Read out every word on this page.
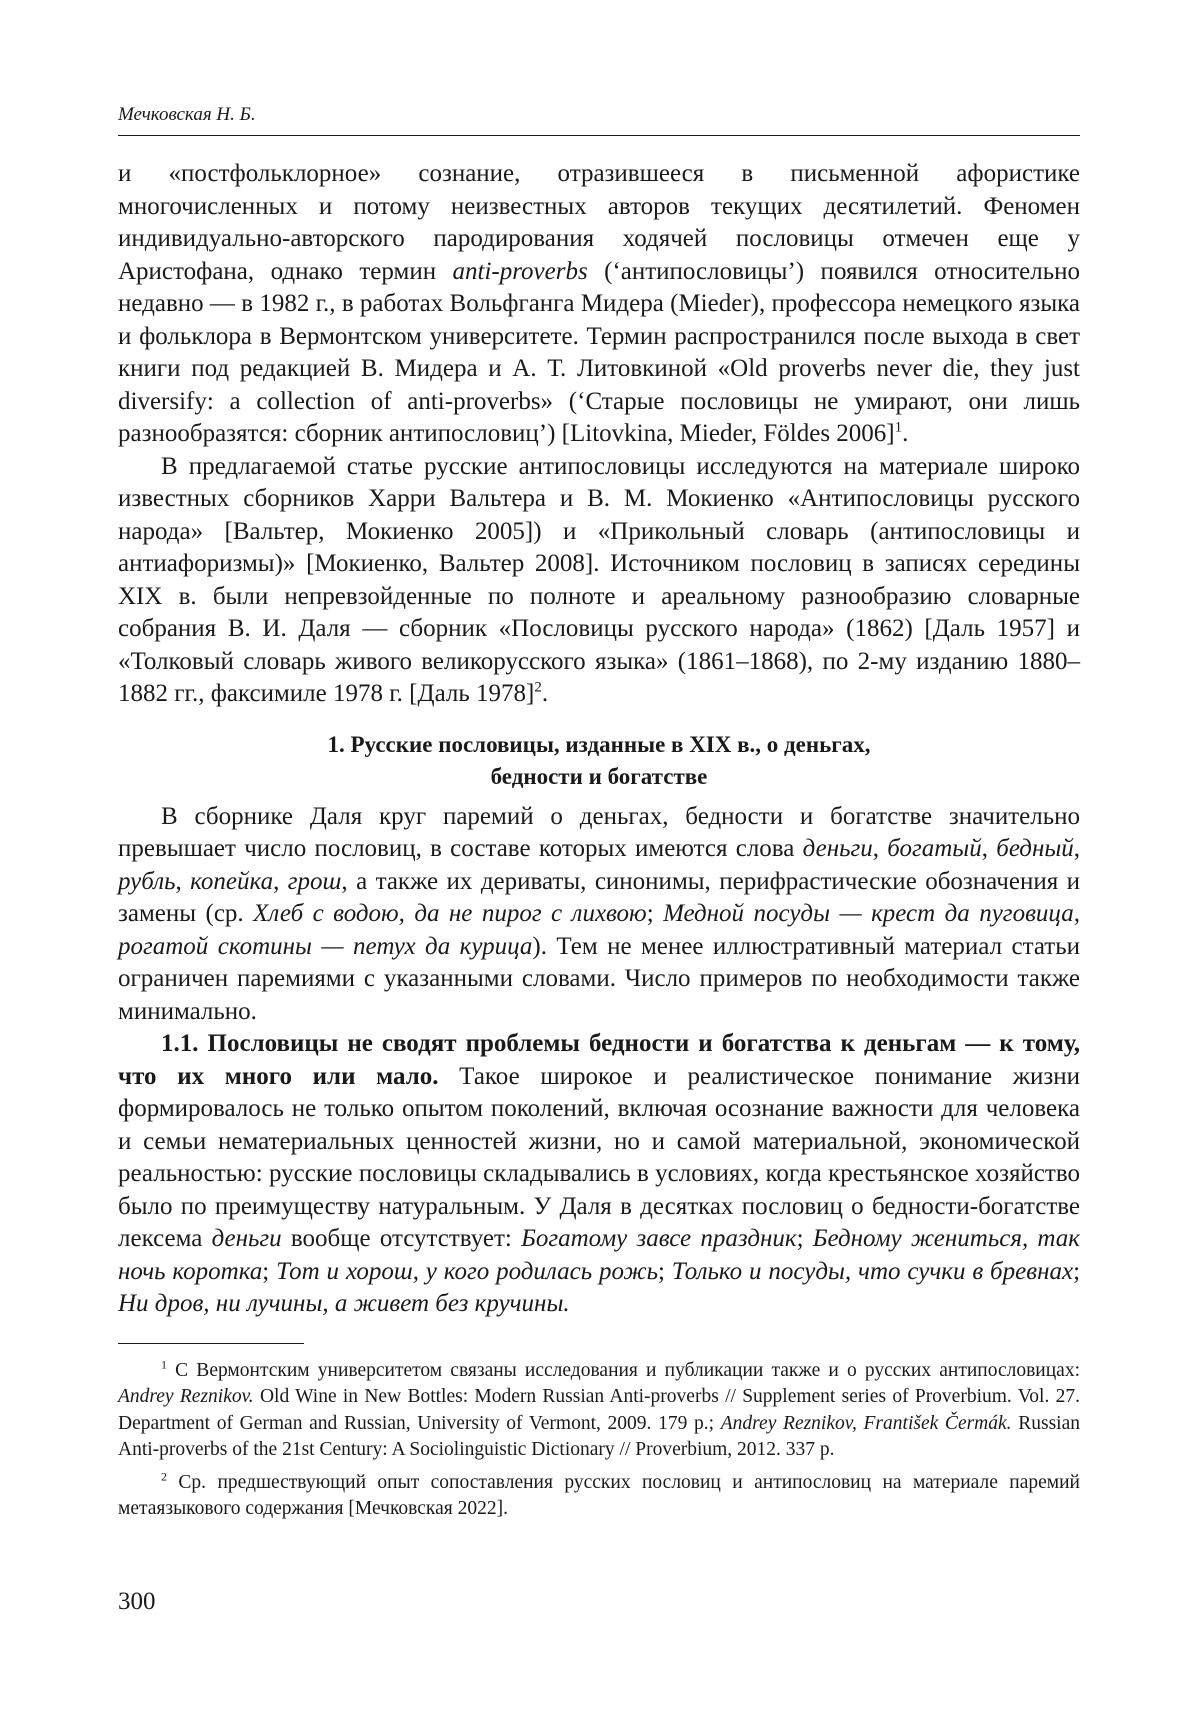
Мечковская Н. Б.

и «постфольклорное» сознание, отразившееся в письменной афористике многочисленных и потому неизвестных авторов текущих десятилетий. Феномен индивидуально-авторского пародирования ходячей пословицы отмечен еще у Аристофана, однако термин anti-proverbs (‘антипословицы’) появился относительно недавно — в 1982 г., в работах Вольфганга Мидера (Mieder), профессора немецкого языка и фольклора в Вермонтском университете. Термин распространился после выхода в свет книги под редакцией В. Мидера и А. Т. Литовкиной «Old proverbs never die, they just diversify: a collection of anti-proverbs» (‘Старые пословицы не умирают, они лишь разнообразятся: сборник антипословиц’) [Litovkina, Mieder, Földes 2006]$^1$.

В предлагаемой статье русские антипословицы исследуются на материале широко известных сборников Харри Вальтера и В. М. Мокиенко «Антипословицы русского народа» [Вальтер, Мокиенко 2005]) и «Прикольный словарь (антипословицы и антиафоризмы)» [Мокиенко, Вальтер 2008]. Источником пословиц в записях середины XIX в. были непревзойденные по полноте и ареальному разнообразию словарные собрания В. И. Даля — сборник «Пословицы русского народа» (1862) [Даль 1957] и «Толковый словарь живого великорусского языка» (1861–1868), по 2-му изданию 1880–1882 гг., факсимиле 1978 г. [Даль 1978]$^2$.

1. Русские пословицы, изданные в XIX в., о деньгах,
бедности и богатстве

В сборнике Даля круг паремий о деньгах, бедности и богатстве значительно превышает число пословиц, в составе которых имеются слова деньги, богатый, бедный, рубль, копейка, грош, а также их дериваты, синонимы, перифрастические обозначения и замены (ср. Хлеб с водою, да не пирог с лихвою; Медной посуды — крест да пуговица, рогатой скотины — петух да курица). Тем не менее иллюстративный материал статьи ограничен паремиями с указанными словами. Число примеров по необходимости также минимально.

1.1. Пословицы не сводят проблемы бедности и богатства к деньгам — к тому, что их много или мало. Такое широкое и реалистическое понимание жизни формировалось не только опытом поколений, включая осознание важности для человека и семьи нематериальных ценностей жизни, но и самой материальной, экономической реальностью: русские пословицы складывались в условиях, когда крестьянское хозяйство было по преимуществу натуральным. У Даля в десятках пословиц о бедности-богатстве лексема деньги вообще отсутствует: Богатому завсе праздник; Бедному жениться, так ночь коротка; Тот и хорош, у кого родилась рожь; Только и посуды, что сучки в бревнах; Ни дров, ни лучины, а живет без кручины.

$^1$ С Вермонтским университетом связаны исследования и публикации также и о русских антипословицах: Andrey Reznikov. Old Wine in New Bottles: Modern Russian Anti-proverbs // Supplement series of Proverbium. Vol. 27. Department of German and Russian, University of Vermont, 2009. 179 p.; Andrey Reznikov, František Čermák. Russian Anti-proverbs of the 21st Century: A Sociolinguistic Dictionary // Proverbium, 2012. 337 p.

$^2$ Ср. предшествующий опыт сопоставления русских пословиц и антипословиц на материале паремий метаязыкового содержания [Мечковская 2022].

300
